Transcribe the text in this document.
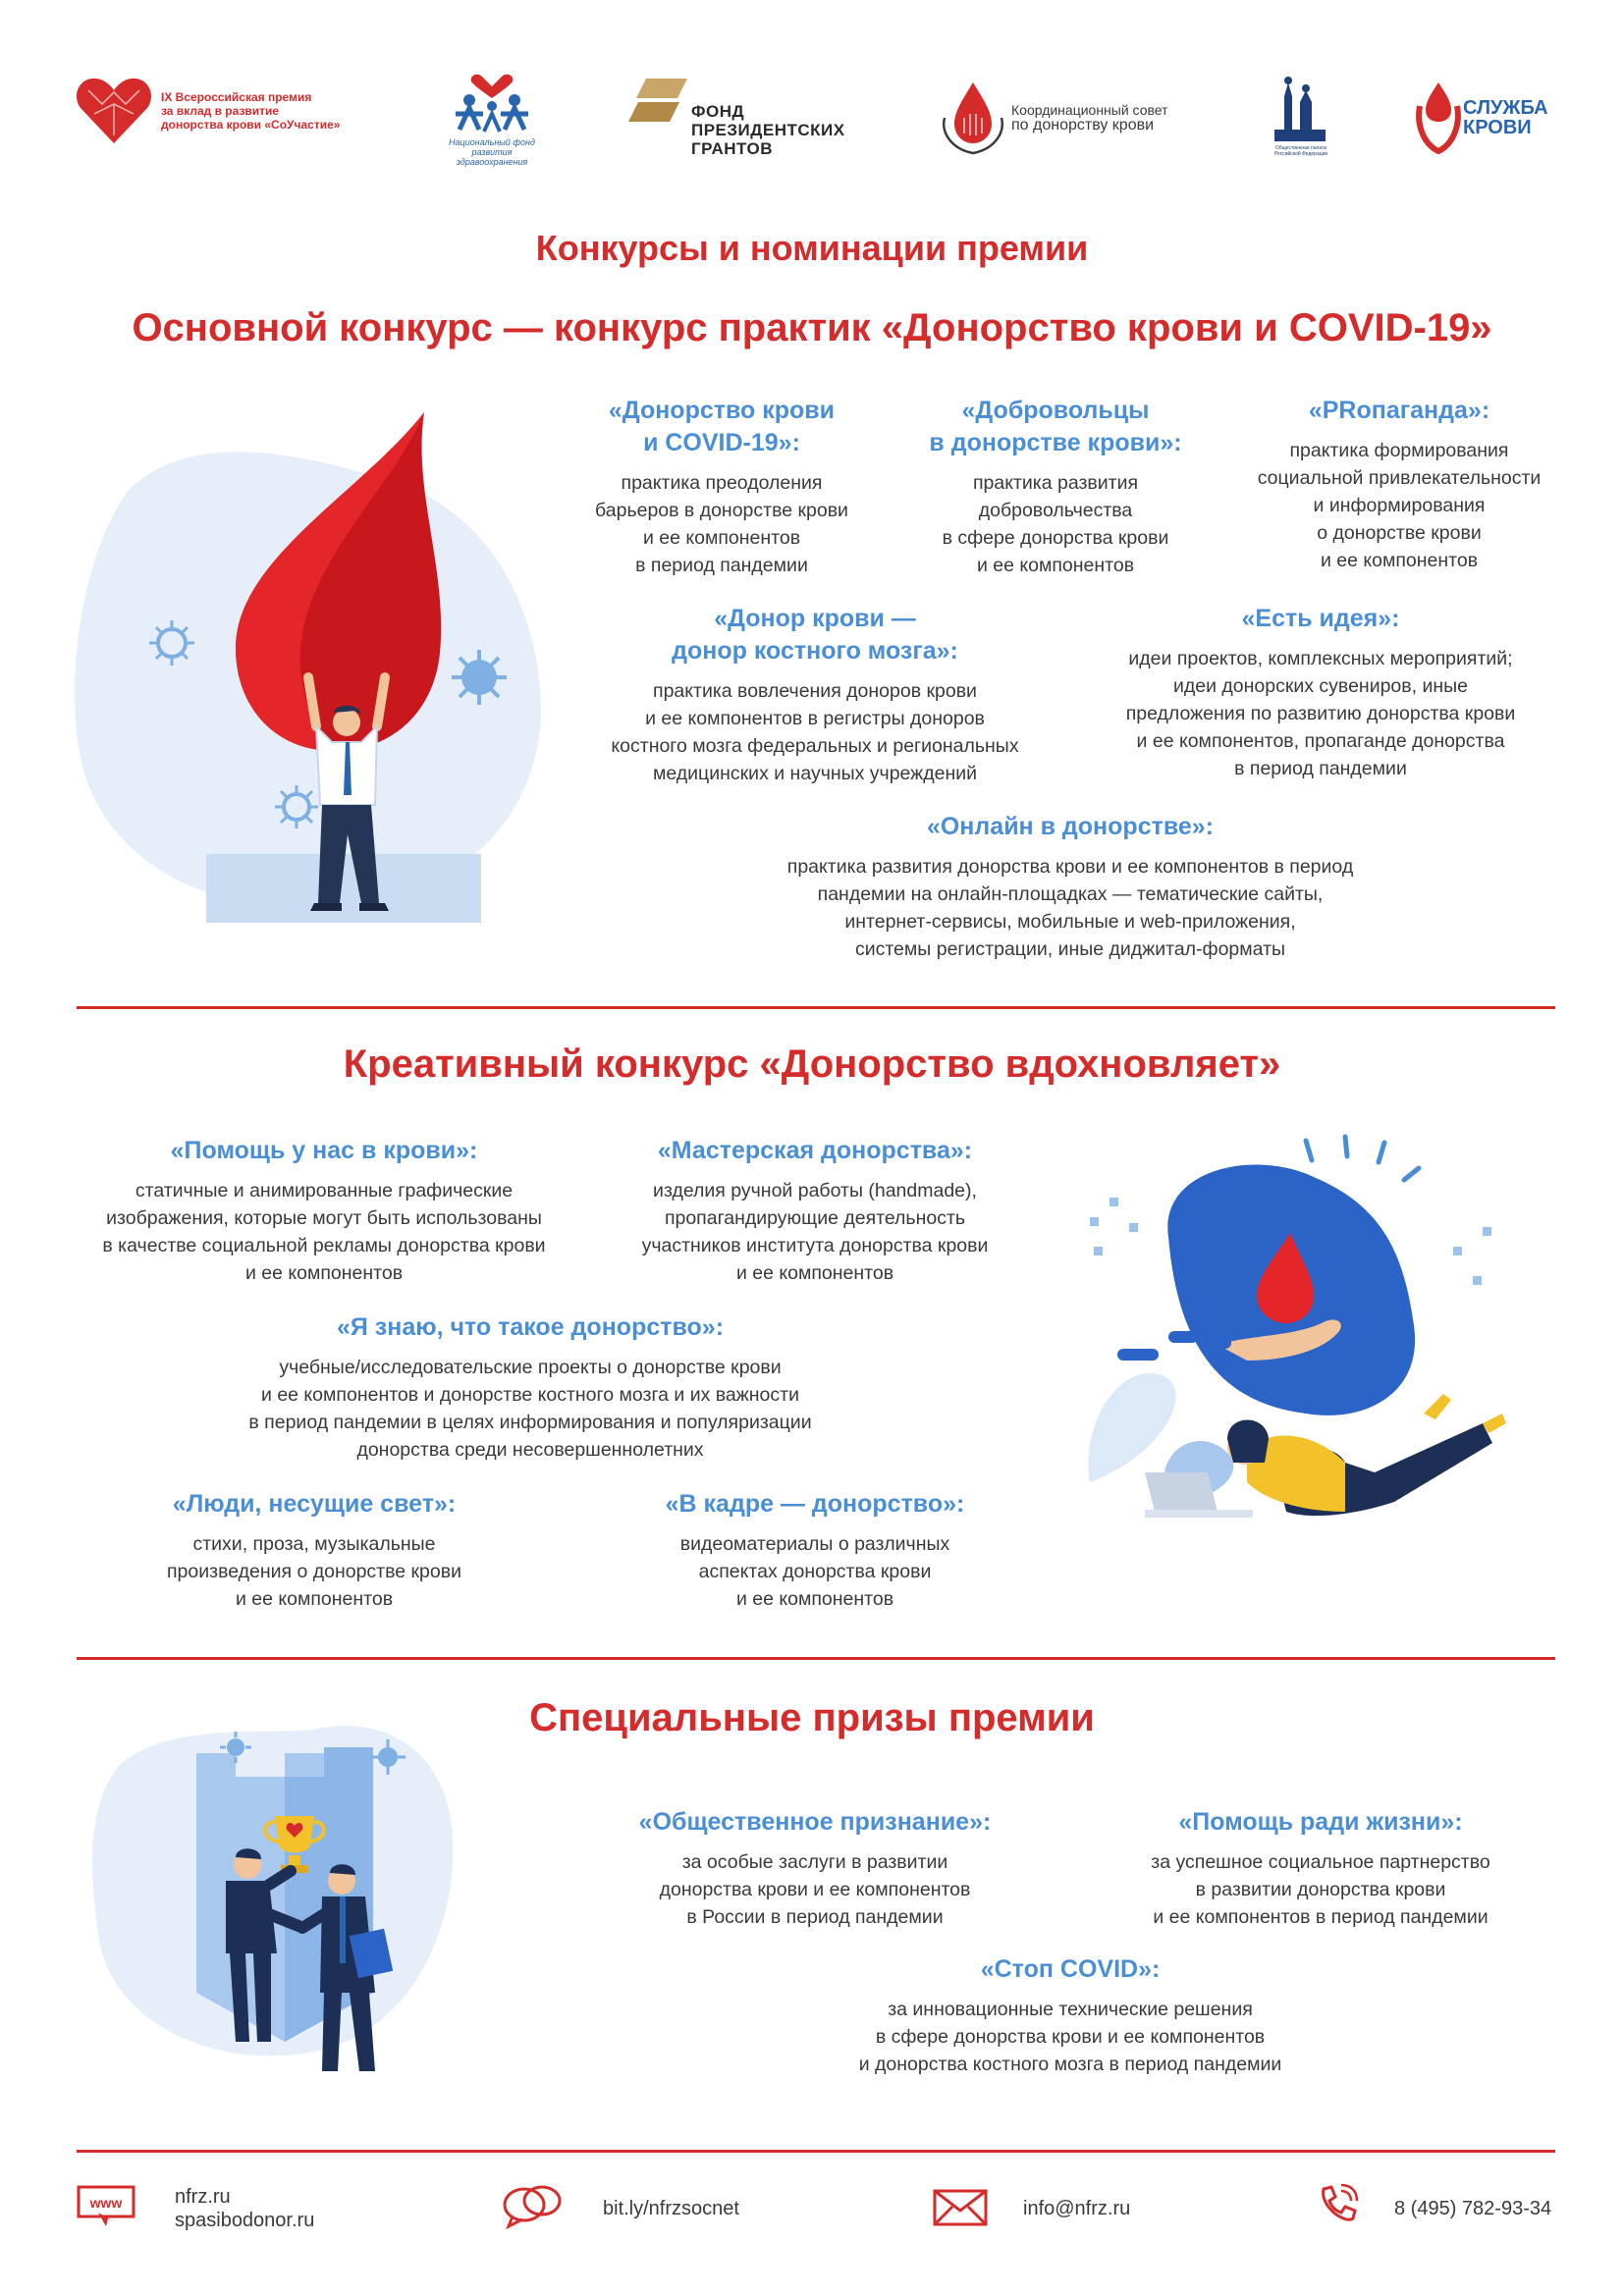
IX Всероссийская премия
за вклад в развитие
донорства крови «СоУчастие»
Национальный фонд
развития здравоохранения
ФОНД
ПРЕЗИДЕНТСКИХ
ГРАНТОВ
Координационный совет
по донорству крови
Общественная палата
Российской Федерации
СЛУЖБА
КРОВИ
Конкурсы и номинации премии
Основной конкурс — конкурс практик «Донорство крови и COVID-19»
«Донорство крови
и COVID-19»:
практика преодоления
барьеров в донорстве крови
и ее компонентов
в период пандемии
«Добровольцы
в донорстве крови»:
практика развития
добровольчества
в сфере донорства крови
и ее компонентов
«PRопаганда»:
практика формирования
социальной привлекательности
и информирования
о донорстве крови
и ее компонентов
«Донор крови —
донор костного мозга»:
практика вовлечения доноров крови
и ее компонентов в регистры доноров
костного мозга федеральных и региональных
медицинских и научных учреждений
«Есть идея»:
идеи проектов, комплексных мероприятий;
идеи донорских сувениров, иные
предложения по развитию донорства крови
и ее компонентов, пропаганде донорства
в период пандемии
«Онлайн в донорстве»:
практика развития донорства крови и ее компонентов в период
пандемии на онлайн-площадках — тематические сайты,
интернет-сервисы, мобильные и web-приложения,
системы регистрации, иные диджитал-форматы
Креативный конкурс «Донорство вдохновляет»
«Помощь у нас в крови»:
статичные и анимированные графические
изображения, которые могут быть использованы
в качестве социальной рекламы донорства крови
и ее компонентов
«Мастерская донорства»:
изделия ручной работы (handmade),
пропагандирующие деятельность
участников института донорства крови
и ее компонентов
«Я знаю, что такое донорство»:
учебные/исследовательские проекты о донорстве крови
и ее компонентов и донорстве костного мозга и их важности
в период пандемии в целях информирования и популяризации
донорства среди несовершеннолетних
«Люди, несущие свет»:
стихи, проза, музыкальные
произведения о донорстве крови
и ее компонентов
«В кадре — донорство»:
видеоматериалы о различных
аспектах донорства крови
и ее компонентов
Специальные призы премии
«Общественное признание»:
за особые заслуги в развитии
донорства крови и ее компонентов
в России в период пандемии
«Помощь ради жизни»:
за успешное социальное партнерство
в развитии донорства крови
и ее компонентов в период пандемии
«Стоп COVID»:
за инновационные технические решения
в сфере донорства крови и ее компонентов
и донорства костного мозга в период пандемии
www	nfrz.ru
spasibodonor.ru
bit.ly/nfrzsocnet	info@nfrz.ru	8 (495) 782-93-34
